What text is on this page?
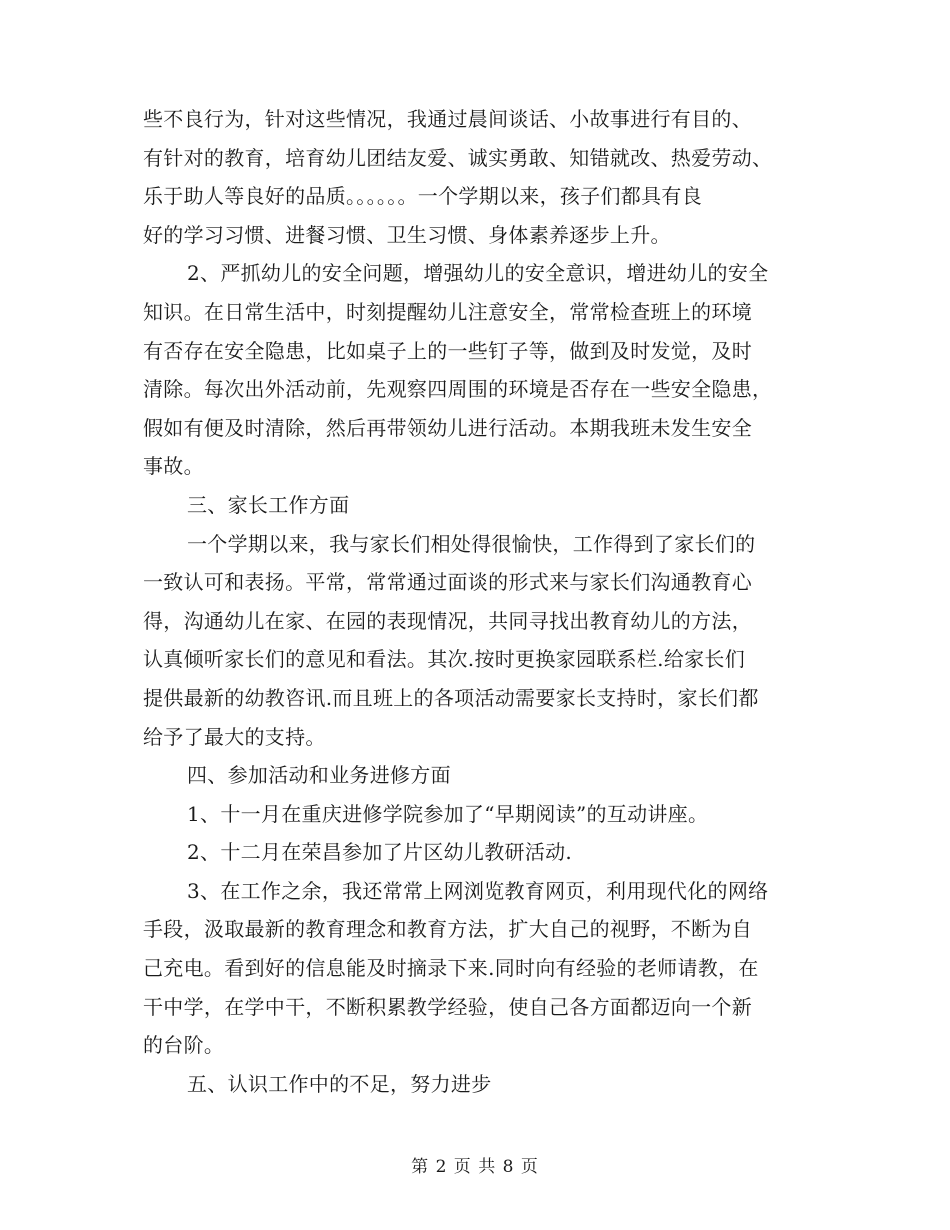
些不良行为，针对这些情况，我通过晨间谈话、小故事进行有目的、
有针对的教育，培育幼儿团结友爱、诚实勇敢、知错就改、热爱劳动、
乐于助人等良好的品质。。。。。。一个学期以来，孩子们都具有良
好的学习习惯、进餐习惯、卫生习惯、身体素养逐步上升。
2、严抓幼儿的安全问题，增强幼儿的安全意识，增进幼儿的安全
知识。在日常生活中，时刻提醒幼儿注意安全，常常检查班上的环境
有否存在安全隐患，比如桌子上的一些钉子等，做到及时发觉，及时
清除。每次出外活动前，先观察四周围的环境是否存在一些安全隐患，
假如有便及时清除，然后再带领幼儿进行活动。本期我班未发生安全
事故。
三、家长工作方面
一个学期以来，我与家长们相处得很愉快，工作得到了家长们的
一致认可和表扬。平常，常常通过面谈的形式来与家长们沟通教育心
得，沟通幼儿在家、在园的表现情况，共同寻找出教育幼儿的方法，
认真倾听家长们的意见和看法。其次.按时更换家园联系栏.给家长们
提供最新的幼教咨讯.而且班上的各项活动需要家长支持时，家长们都
给予了最大的支持。
四、参加活动和业务进修方面
1、十一月在重庆进修学院参加了“早期阅读”的互动讲座。
2、十二月在荣昌参加了片区幼儿教研活动.
3、在工作之余，我还常常上网浏览教育网页，利用现代化的网络
手段，汲取最新的教育理念和教育方法，扩大自己的视野，不断为自
己充电。看到好的信息能及时摘录下来.同时向有经验的老师请教，在
干中学，在学中干，不断积累教学经验，使自己各方面都迈向一个新
的台阶。
五、认识工作中的不足，努力进步
第 2 页 共 8 页
